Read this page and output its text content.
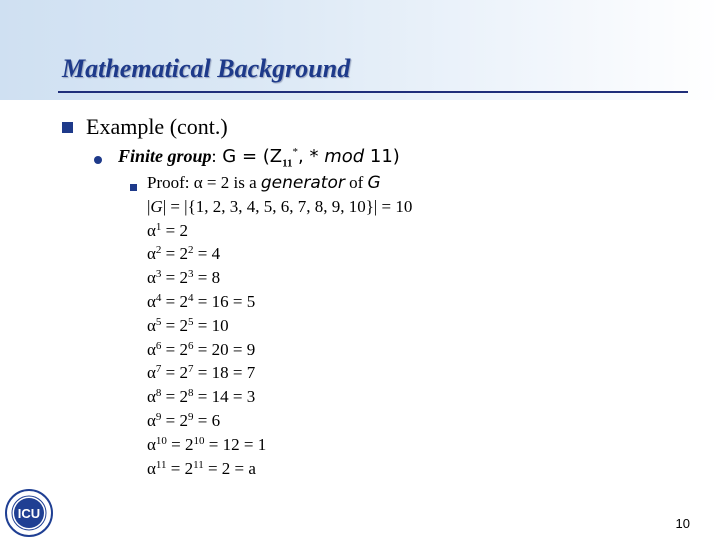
Mathematical Background
Example (cont.)
Finite group: $G = (Z_{11}^*$, * mod 11)
Proof: α = 2 is a generator of G
|G| = |{1, 2, 3, 4, 5, 6, 7, 8, 9, 10}| = 10
$\alpha^1 = 2$
$\alpha^2 = 2^2 = 4$
$\alpha^3 = 2^3 = 8$
$\alpha^4 = 2^4 = 16 = 5$
$\alpha^5 = 2^5 = 10$
$\alpha^6 = 2^6 = 20 = 9$
$\alpha^7 = 2^7 = 18 = 7$
$\alpha^8 = 2^8 = 14 = 3$
$\alpha^9 = 2^9 = 6$
$\alpha^{10} = 2^{10} = 12 = 1$
$\alpha^{11} = 2^{11} = 2 = a$
ICU
10
